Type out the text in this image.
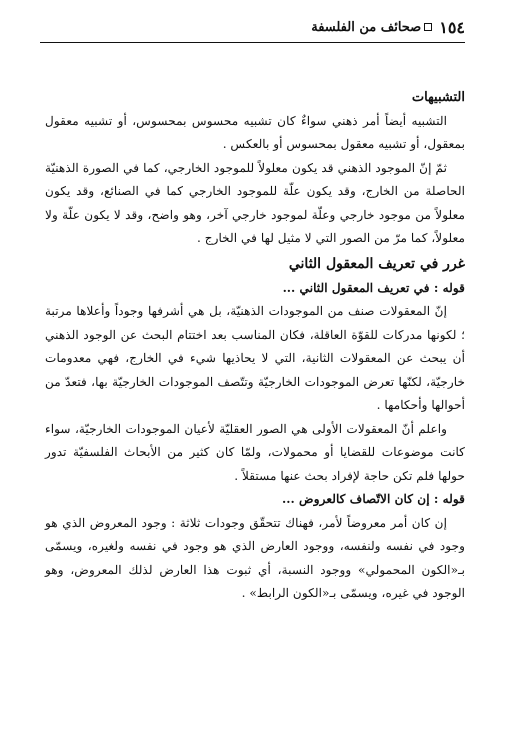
١٥٤
صحائف من الفلسفة

التشبيهات

التشبيه أيضاً أمر ذهني سواءٌ كان تشبيه محسوس بمحسوس، أو تشبيه معقول بمعقول، أو تشبيه معقول بمحسوس أو بالعكس .

ثمّ إنّ الموجود الذهني قد يكون معلولاً للموجود الخارجي، كما في الصورة الذهنيّة الحاصلة من الخارج، وقد يكون علّة للموجود الخارجي كما في الصنائع، وقد يكون معلولاً من موجود خارجي وعلّة لموجود خارجي آخر، وهو واضح، وقد لا يكون علّة ولا معلولاً، كما مرّ من الصور التي لا مثيل لها في الخارج .

غرر في تعريف المعقول الثاني

قوله : في تعريف المعقول الثاني ...

إنّ المعقولات صنف من الموجودات الذهنيّة، بل هي أشرفها وجوداً وأعلاها مرتبة ؛ لكونها مدركات للقوّة العاقلة، فكان المناسب بعد اختتام البحث عن الوجود الذهني أن يبحث عن المعقولات الثانية، التي لا يحاذيها شيء في الخارج، فهي معدومات خارجيّة، لكنّها تعرض الموجودات الخارجيّة وتتّصف الموجودات الخارجيّة بها، فتعدّ من أحوالها وأحكامها .

واعلم أنّ المعقولات الأولى هي الصور العقليّة لأعيان الموجودات الخارجيّة، سواء كانت موضوعات للقضايا أو محمولات، ولمّا كان كثير من الأبحاث الفلسفيّة تدور حولها فلم تكن حاجة لإفراد بحث عنها مستقلاً .

قوله : إن كان الاتّصاف كالعروض ...

إن كان أمر معروضاً لأمر، فهناك تتحقّق وجودات ثلاثة : وجود المعروض الذي هو وجود في نفسه ولنفسه، ووجود العارض الذي هو وجود في نفسه ولغيره، ويسمّى بـ«الكون المحمولي» ووجود النسبة، أي ثبوت هذا العارض لذلك المعروض، وهو الوجود في غيره، ويسمّى بـ«الكون الرابط» .
